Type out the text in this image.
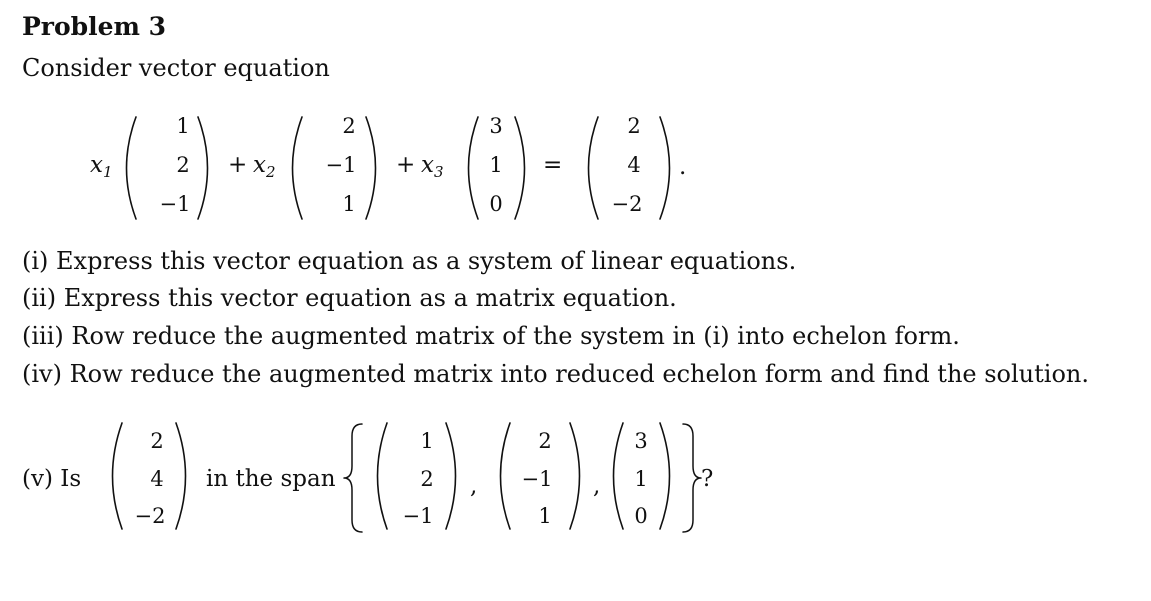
Problem 3
Consider vector equation
$x_1$
1
2
−1
+ $x_2$
2
−1
1
+ $x_3$
3
1
0
=
2
4
−2
.
(v) Is
2
4
−2
in the span
1
2
−1
,
2
−1
1
,
3
1
0
?
(i) Express this vector equation as a system of linear equations.
(ii) Express this vector equation as a matrix equation.
(iii) Row reduce the augmented matrix of the system in (i) into echelon form.
(iv) Row reduce the augmented matrix into reduced echelon form and find the solution.
